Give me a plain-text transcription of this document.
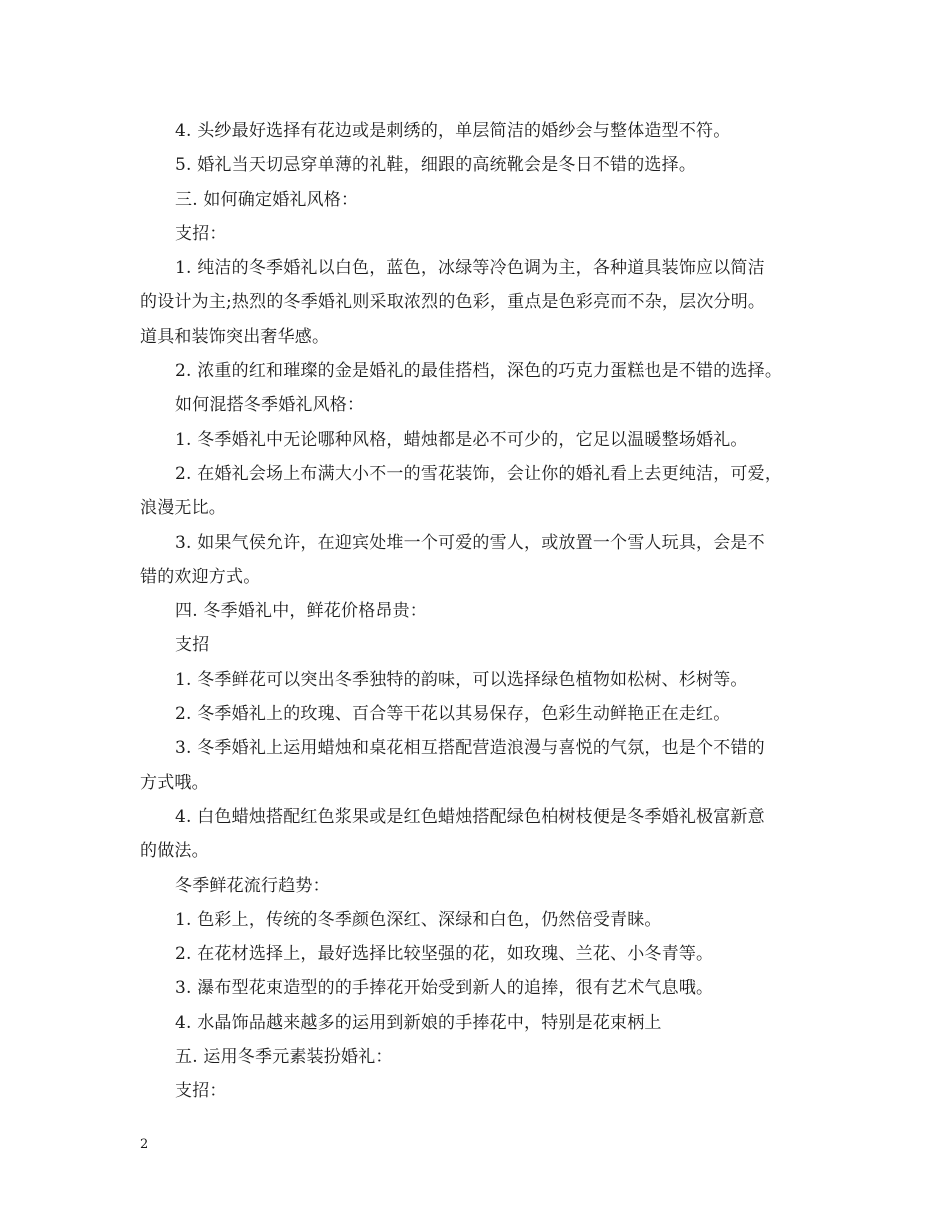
4. 头纱最好选择有花边或是刺绣的，单层简洁的婚纱会与整体造型不符。
5. 婚礼当天切忌穿单薄的礼鞋，细跟的高统靴会是冬日不错的选择。
三. 如何确定婚礼风格：
支招：
1. 纯洁的冬季婚礼以白色，蓝色，冰绿等冷色调为主，各种道具装饰应以简洁
的设计为主;热烈的冬季婚礼则采取浓烈的色彩，重点是色彩亮而不杂，层次分明。
道具和装饰突出奢华感。
2. 浓重的红和璀璨的金是婚礼的最佳搭档，深色的巧克力蛋糕也是不错的选择。
如何混搭冬季婚礼风格：
1. 冬季婚礼中无论哪种风格，蜡烛都是必不可少的，它足以温暖整场婚礼。
2. 在婚礼会场上布满大小不一的雪花装饰，会让你的婚礼看上去更纯洁，可爱，
浪漫无比。
3. 如果气侯允许，在迎宾处堆一个可爱的雪人，或放置一个雪人玩具，会是不
错的欢迎方式。
四. 冬季婚礼中，鲜花价格昂贵：
支招
1. 冬季鲜花可以突出冬季独特的韵味，可以选择绿色植物如松树、杉树等。
2. 冬季婚礼上的玫瑰、百合等干花以其易保存，色彩生动鲜艳正在走红。
3. 冬季婚礼上运用蜡烛和桌花相互搭配营造浪漫与喜悦的气氛，也是个不错的
方式哦。
4. 白色蜡烛搭配红色浆果或是红色蜡烛搭配绿色柏树枝便是冬季婚礼极富新意
的做法。
冬季鲜花流行趋势：
1. 色彩上，传统的冬季颜色深红、深绿和白色，仍然倍受青睐。
2. 在花材选择上，最好选择比较坚强的花，如玫瑰、兰花、小冬青等。
3. 瀑布型花束造型的的手捧花开始受到新人的追捧，很有艺术气息哦。
4. 水晶饰品越来越多的运用到新娘的手捧花中，特别是花束柄上
五. 运用冬季元素装扮婚礼：
支招：
2
